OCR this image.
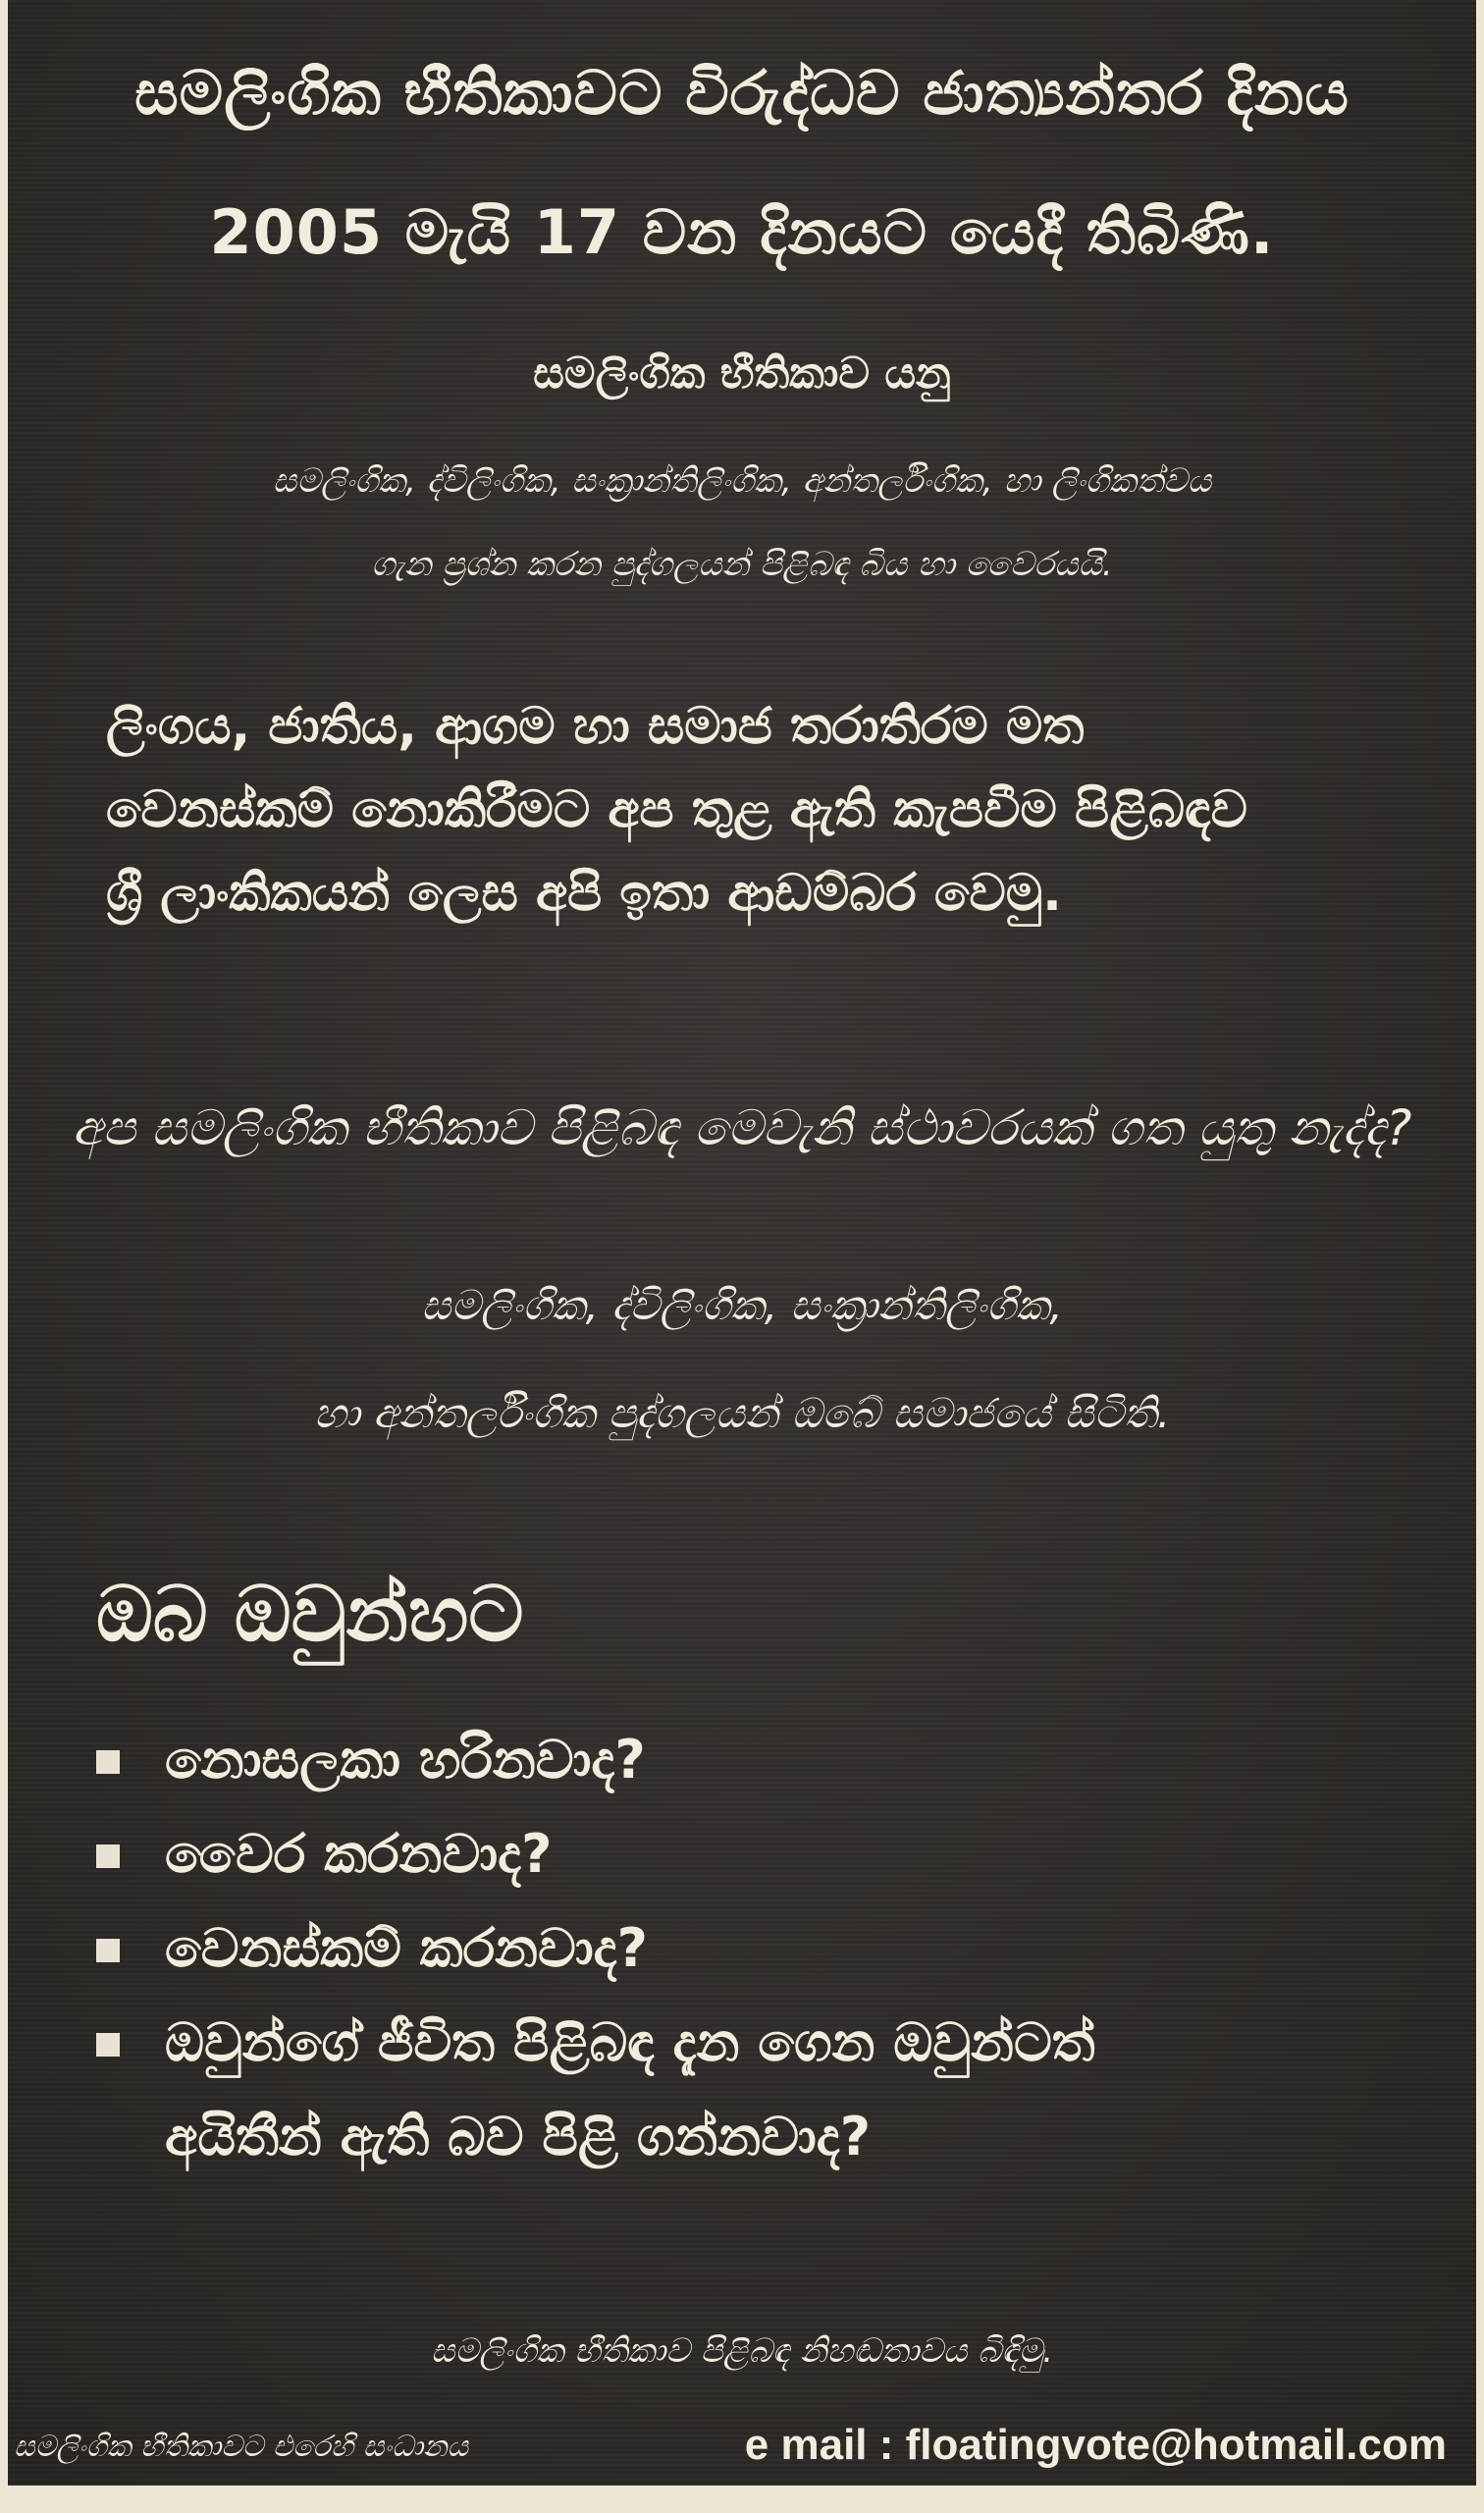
සමලිංගික භීතිකාවට විරුද්ධව ජාත්‍යන්තර දිනය
2005 මැයි 17 වන දිනයට යෙදී තිබිණි.
සමලිංගික භීතිකාව යනු
සමලිංගික, ද්විලිංගික, සංක්‍රාන්තිලිංගික, අන්තර්ලිංගික, හා ලිංගිකත්වය
ගැන ප්‍රශ්න කරන පුද්ගලයන් පිළිබඳ බිය හා වෛරයයි.
ලිංගය, ජාතිය, ආගම හා සමාජ තරාතිරම මත
වෙනස්කම් නොකිරීමට අප තුළ ඇති කැපවීම පිළිබඳව
ශ්‍රී ලාංකිකයන් ලෙස අපි ඉතා ආඩම්බර වෙමු.
අප සමලිංගික භීතිකාව පිළිබඳ මෙවැනි ස්ථාවරයක් ගත යුතු නැද්ද?
සමලිංගික, ද්විලිංගික, සංක්‍රාන්තිලිංගික,
හා අන්තර්ලිංගික පුද්ගලයන් ඔබේ සමාජයේ සිටිති.
ඔබ ඔවුන්හට
නොසලකා හරිනවාද?
වෛර කරනවාද?
වෙනස්කම් කරනවාද?
ඔවුන්ගේ ජීවිත පිළිබඳ දැන ගෙන ඔවුන්ටත්
අයිතීන් ඇති බව පිළි ගන්නවාද?
සමලිංගික භීතිකාව පිළිබඳ නිහඬතාවය බිඳිමු.
සමලිංගික භීතිකාවට එරෙහි සංධානය	e mail : floatingvote@hotmail.com
